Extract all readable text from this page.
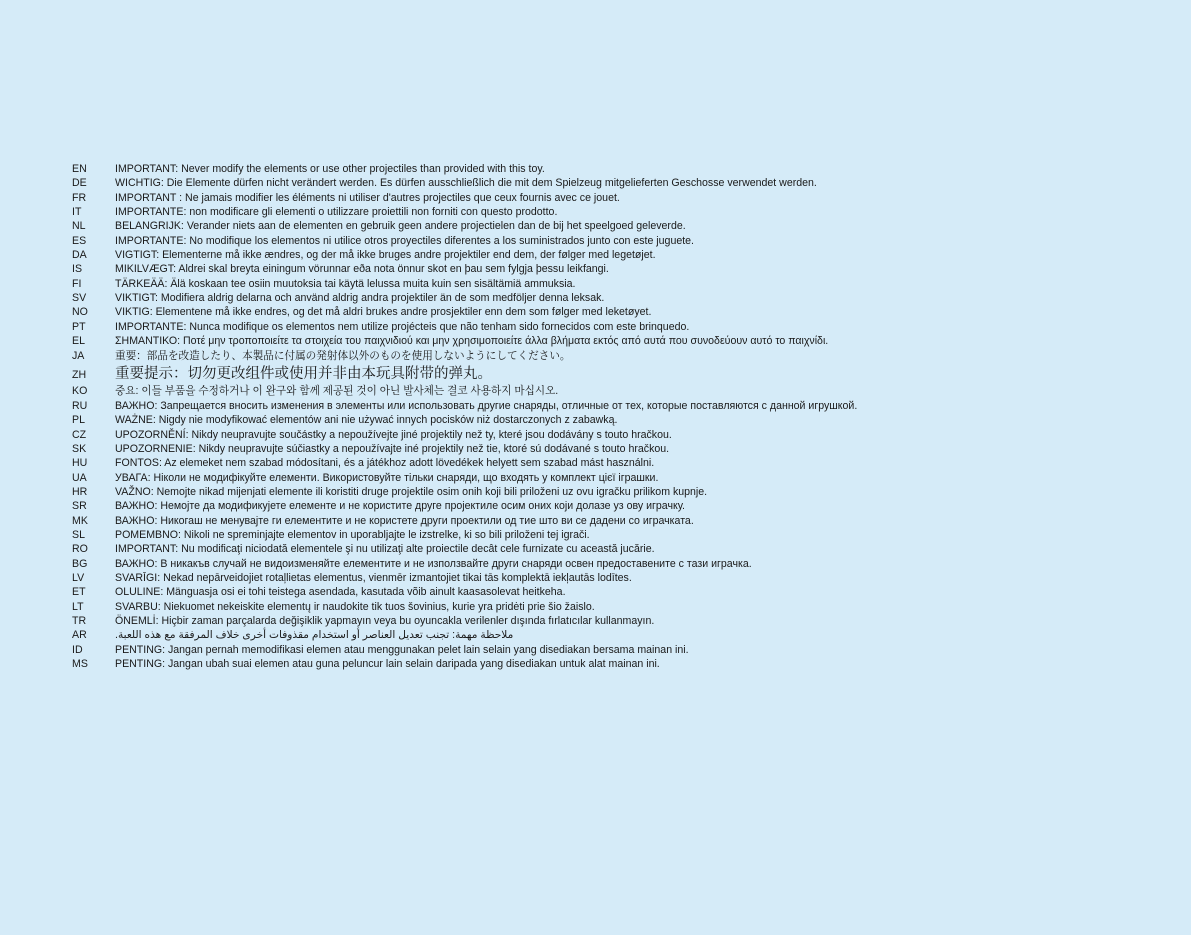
EN	IMPORTANT: Never modify the elements or use other projectiles than provided with this toy.
DE	WICHTIG: Die Elemente dürfen nicht verändert werden. Es dürfen ausschließlich die mit dem Spielzeug mitgelieferten Geschosse verwendet werden.
FR	IMPORTANT : Ne jamais modifier les éléments ni utiliser d'autres projectiles que ceux fournis avec ce jouet.
IT	IMPORTANTE: non modificare gli elementi o utilizzare proiettili non forniti con questo prodotto.
NL	BELANGRIJK: Verander niets aan de elementen en gebruik geen andere projectielen dan de bij het speelgoed geleverde.
ES	IMPORTANTE: No modifique los elementos ni utilice otros proyectiles diferentes a los suministrados junto con este juguete.
DA	VIGTIGT: Elementerne må ikke ændres, og der må ikke bruges andre projektiler end dem, der følger med legetøjet.
IS	MIKILVÆGT: Aldrei skal breyta einingum vörunnar eða nota önnur skot en þau sem fylgja þessu leikfangi.
FI	TÄRKEÄÄ: Älä koskaan tee osiin muutoksia tai käytä lelussa muita kuin sen sisältämiä ammuksia.
SV	VIKTIGT: Modifiera aldrig delarna och använd aldrig andra projektiler än de som medföljer denna leksak.
NO	VIKTIG: Elementene må ikke endres, og det må aldri brukes andre prosjektiler enn dem som følger med leketøyet.
PT	IMPORTANTE: Nunca modifique os elementos nem utilize projécteis que não tenham sido fornecidos com este brinquedo.
EL	ΣΗΜΑΝΤΙΚΟ: Ποτέ μην τροποποιείτε τα στοιχεία του παιχνιδιού και μην χρησιμοποιείτε άλλα βλήματα εκτός από αυτά που συνοδεύουν αυτό το παιχνίδι.
JA	重要：部品を改造したり、本製品に付属の発射体以外のものを使用しないようにしてください。
ZH	重要提示：切勿更改组件或使用并非由本玩具附带的弹丸。
KO	중요: 이들 부품을 수정하거나 이 완구와 함께 제공된 것이 아닌 발사체는 결코 사용하지 마십시오.
RU	ВАЖНО: Запрещается вносить изменения в элементы или использовать другие снаряды, отличные от тех, которые поставляются с данной игрушкой.
PL	WAŻNE: Nigdy nie modyfikować elementów ani nie używać innych pocisków niż dostarczonych z zabawką.
CZ	UPOZORNĚNÍ: Nikdy neupravujte součástky a nepoužívejte jiné projektily než ty, které jsou dodávány s touto hračkou.
SK	UPOZORNENIE: Nikdy neupravujte súčiastky a nepoužívajte iné projektily než tie, ktoré sú dodávané s touto hračkou.
HU	FONTOS: Az elemeket nem szabad módosítani, és a játékhoz adott lövedékek helyett sem szabad mást használni.
UA	УВАГА: Ніколи не модифікуйте елементи. Використовуйте тільки снаряди, що входять у комплект цієї іграшки.
HR	VAŽNO: Nemojte nikad mijenjati elemente ili koristiti druge projektile osim onih koji bili priloženi uz ovu igračku prilikom kupnje.
SR	ВАЖНО: Немојте да модификујете елементе и не користите друге пројектиле осим оних који долазе уз ову играчку.
MK	ВАЖНО: Никогаш не менувајте ги елементите и не користете други проектили од тие што ви се дадени со играчката.
SL	POMEMBNO: Nikoli ne spreminjajte elementov in uporabljajte le izstrelke, ki so bili priloženi tej igrači.
RO	IMPORTANT: Nu modificaţi niciodată elementele şi nu utilizaţi alte proiectile decât cele furnizate cu această jucărie.
BG	ВАЖНО: В никакъв случай не видоизменяйте елементите и не използвайте други снаряди освен предоставените с тази играчка.
LV	SVARĪGI: Nekad nepārveidojiet rotaļlietas elementus, vienmēr izmantojiet tikai tās komplektā iekļautās lodītes.
ET	OLULINE: Mänguasja osi ei tohi teistega asendada, kasutada võib ainult kaasasolevat heitkeha.
LT	SVARBU: Niekuomet nekeiskite elementų ir naudokite tik tuos šovinius, kurie yra pridėti prie šio žaislo.
TR	ÖNEMLİ: Hiçbir zaman parçalarda değişiklik yapmayın veya bu oyuncakla verilenler dışında fırlatıcılar kullanmayın.
AR	ملاحظة مهمة: تجنب تعديل العناصر أو استخدام مقذوفات أخرى خلاف المرفقة مع هذه اللعبة.
ID	PENTING: Jangan pernah memodifikasi elemen atau menggunakan pelet lain selain yang disediakan bersama mainan ini.
MS	PENTING: Jangan ubah suai elemen atau guna peluncur lain selain daripada yang disediakan untuk alat mainan ini.
